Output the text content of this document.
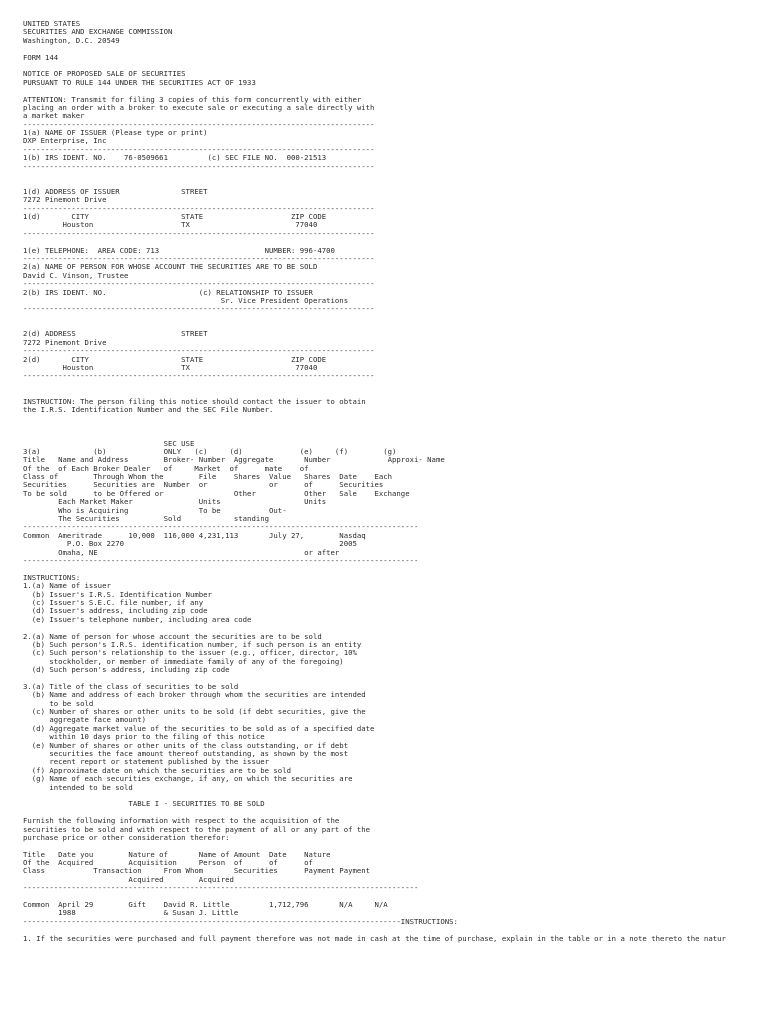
UNITED STATES
SECURITIES AND EXCHANGE COMMISSION
Washington, D.C. 20549
FORM 144
NOTICE OF PROPOSED SALE OF SECURITIES
PURSUANT TO RULE 144 UNDER THE SECURITIES ACT OF 1933
ATTENTION: Transmit for filing 3 copies of this form concurrently with either
placing an order with a broker to execute sale or executing a sale directly with
a market maker
--------------------------------------------------------------------------------
1(a) NAME OF ISSUER (Please type or print)
DXP Enterprise, Inc
--------------------------------------------------------------------------------
1(b) IRS IDENT. NO.    76-0509661         (c) SEC FILE NO.  000-21513
--------------------------------------------------------------------------------
1(d) ADDRESS OF ISSUER              STREET
7272 Pinemont Drive
--------------------------------------------------------------------------------
1(d)       CITY                     STATE                    ZIP CODE
Houston                    TX                        77040
--------------------------------------------------------------------------------
1(e) TELEPHONE:  AREA CODE: 713                        NUMBER: 996-4700
--------------------------------------------------------------------------------
2(a) NAME OF PERSON FOR WHOSE ACCOUNT THE SECURITIES ARE TO BE SOLD
David C. Vinson, Trustee
--------------------------------------------------------------------------------
2(b) IRS IDENT. NO.                     (c) RELATIONSHIP TO ISSUER
Sr. Vice President Operations
--------------------------------------------------------------------------------
2(d) ADDRESS                        STREET
7272 Pinemont Drive
--------------------------------------------------------------------------------
2(d)       CITY                     STATE                    ZIP CODE
Houston                    TX                        77040
--------------------------------------------------------------------------------
INSTRUCTION: The person filing this notice should contact the issuer to obtain
the I.R.S. Identification Number and the SEC File Number.
SEC USE
3(a)            (b)             ONLY   (c)     (d)             (e)     (f)        (g)
Title   Name and Address        Broker- Number  Aggregate       Number             Approxi- Name
Of the  of Each Broker Dealer   of     Market  of      mate    of
Class of        Through Whom the        File    Shares  Value   Shares  Date    Each
Securities      Securities are  Number  or              or      of      Securities
To be sold      to be Offered or                Other           Other   Sale    Exchange
Each Market Maker               Units                   Units
Who is Acquiring                To be           Out-
The Securities          Sold            standing
------------------------------------------------------------------------------------------
Common  Ameritrade      10,000  116,000 4,231,113       July 27,        Nasdaq
P.O. Box 2270                                                 2005
Omaha, NE                                               or after
------------------------------------------------------------------------------------------
INSTRUCTIONS:
1.(a) Name of issuer
(b) Issuer's I.R.S. Identification Number
(c) Issuer's S.E.C. file number, if any
(d) Issuer's address, including zip code
(e) Issuer's telephone number, including area code
2.(a) Name of person for whose account the securities are to be sold
(b) Such person's I.R.S. identification number, if such person is an entity
(c) Such person's relationship to the issuer (e.g., officer, director, 10%
stockholder, or member of immediate family of any of the foregoing)
(d) Such person's address, including zip code
3.(a) Title of the class of securities to be sold
(b) Name and address of each broker through whom the securities are intended
to be sold
(c) Number of shares or other units to be sold (if debt securities, give the
aggregate face amount)
(d) Aggregate market value of the securities to be sold as of a specified date
within 10 days prior to the filing of this notice
(e) Number of shares or other units of the class outstanding, or if debt
securities the face amount thereof outstanding, as shown by the most
recent report or statement published by the issuer
(f) Approximate date on which the securities are to be sold
(g) Name of each securities exchange, if any, on which the securities are
intended to be sold
TABLE I - SECURITIES TO BE SOLD
Furnish the following information with respect to the acquisition of the
securities to be sold and with respect to the payment of all or any part of the
purchase price or other consideration therefor:
Title   Date you        Nature of       Name of Amount  Date    Nature
Of the  Acquired        Acquisition     Person  of      of      of
Class           Transaction     From Whom       Securities      Payment Payment
Acquired        Acquired
------------------------------------------------------------------------------------------
Common  April 29        Gift    David R. Little         1,712,796       N/A     N/A
1988                    & Susan J. Little
--------------------------------------------------------------------------------------INSTRUCTIONS:
1. If the securities were purchased and full payment therefore was not made in cash at the time of purchase, explain in the table or in a note thereto the natur
